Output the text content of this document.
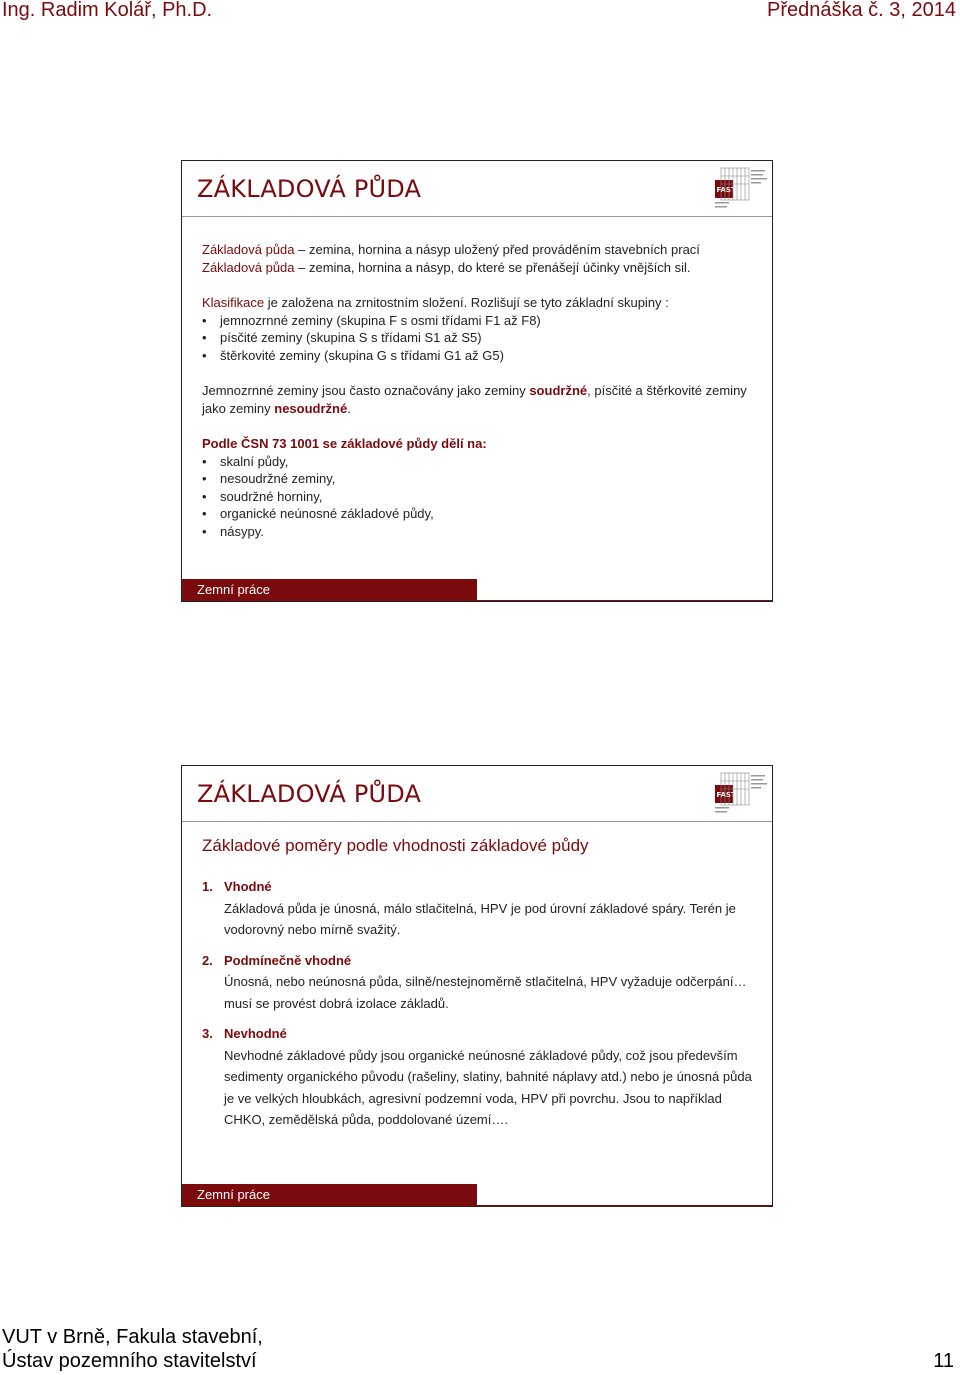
Ing. Radim Kolář, Ph.D.	Přednáška č. 3, 2014
ZÁKLADOVÁ PŮDA	FAST

Základová půda – zemina, hornina a násyp uložený před prováděním stavebních prací

Základová půda – zemina, hornina a násyp, do které se přenášejí účinky vnějších sil.

Klasifikace je založena na zrnitostním složení. Rozlišují se tyto základní skupiny :

• jemnozrnné zeminy (skupina F s osmi třídami F1 až F8)
• písčité zeminy (skupina S s třídami S1 až S5)
• štěrkovité zeminy (skupina G s třídami G1 až G5)

Jemnozrnné zeminy jsou často označovány jako zeminy soudržné, písčité a štěrkovité zeminy jako zeminy nesoudržné.

Podle ČSN 73 1001 se základové půdy dělí na:

• skalní půdy,
• nesoudržné zeminy,
• soudržné horniny,
• organické neúnosné základové půdy,
• násypy.
Zemní práce
ZÁKLADOVÁ PŮDA	FAST
Základové poměry podle vhodnosti základové půdy
1. Vhodné
Základová půda je únosná, málo stlačitelná, HPV je pod úrovní základové spáry. Terén je vodorovný nebo mírně svažitý.
2. Podmínečně vhodné
Únosná, nebo neúnosná půda, silně/nestejnoměrně stlačitelná, HPV vyžaduje odčerpání…musí se provést dobrá izolace základů.
3. Nevhodné
Nevhodné základové půdy jsou organické neúnosné základové půdy, což jsou především sedimenty organického původu (rašeliny, slatiny, bahnité náplavy atd.) nebo je únosná půda je ve velkých hloubkách, agresivní podzemní voda, HPV při povrchu. Jsou to například CHKO, zemědělská půda, poddolované území….
Zemní práce
VUT v Brně, Fakula stavební,
Ústav pozemního stavitelství	11
